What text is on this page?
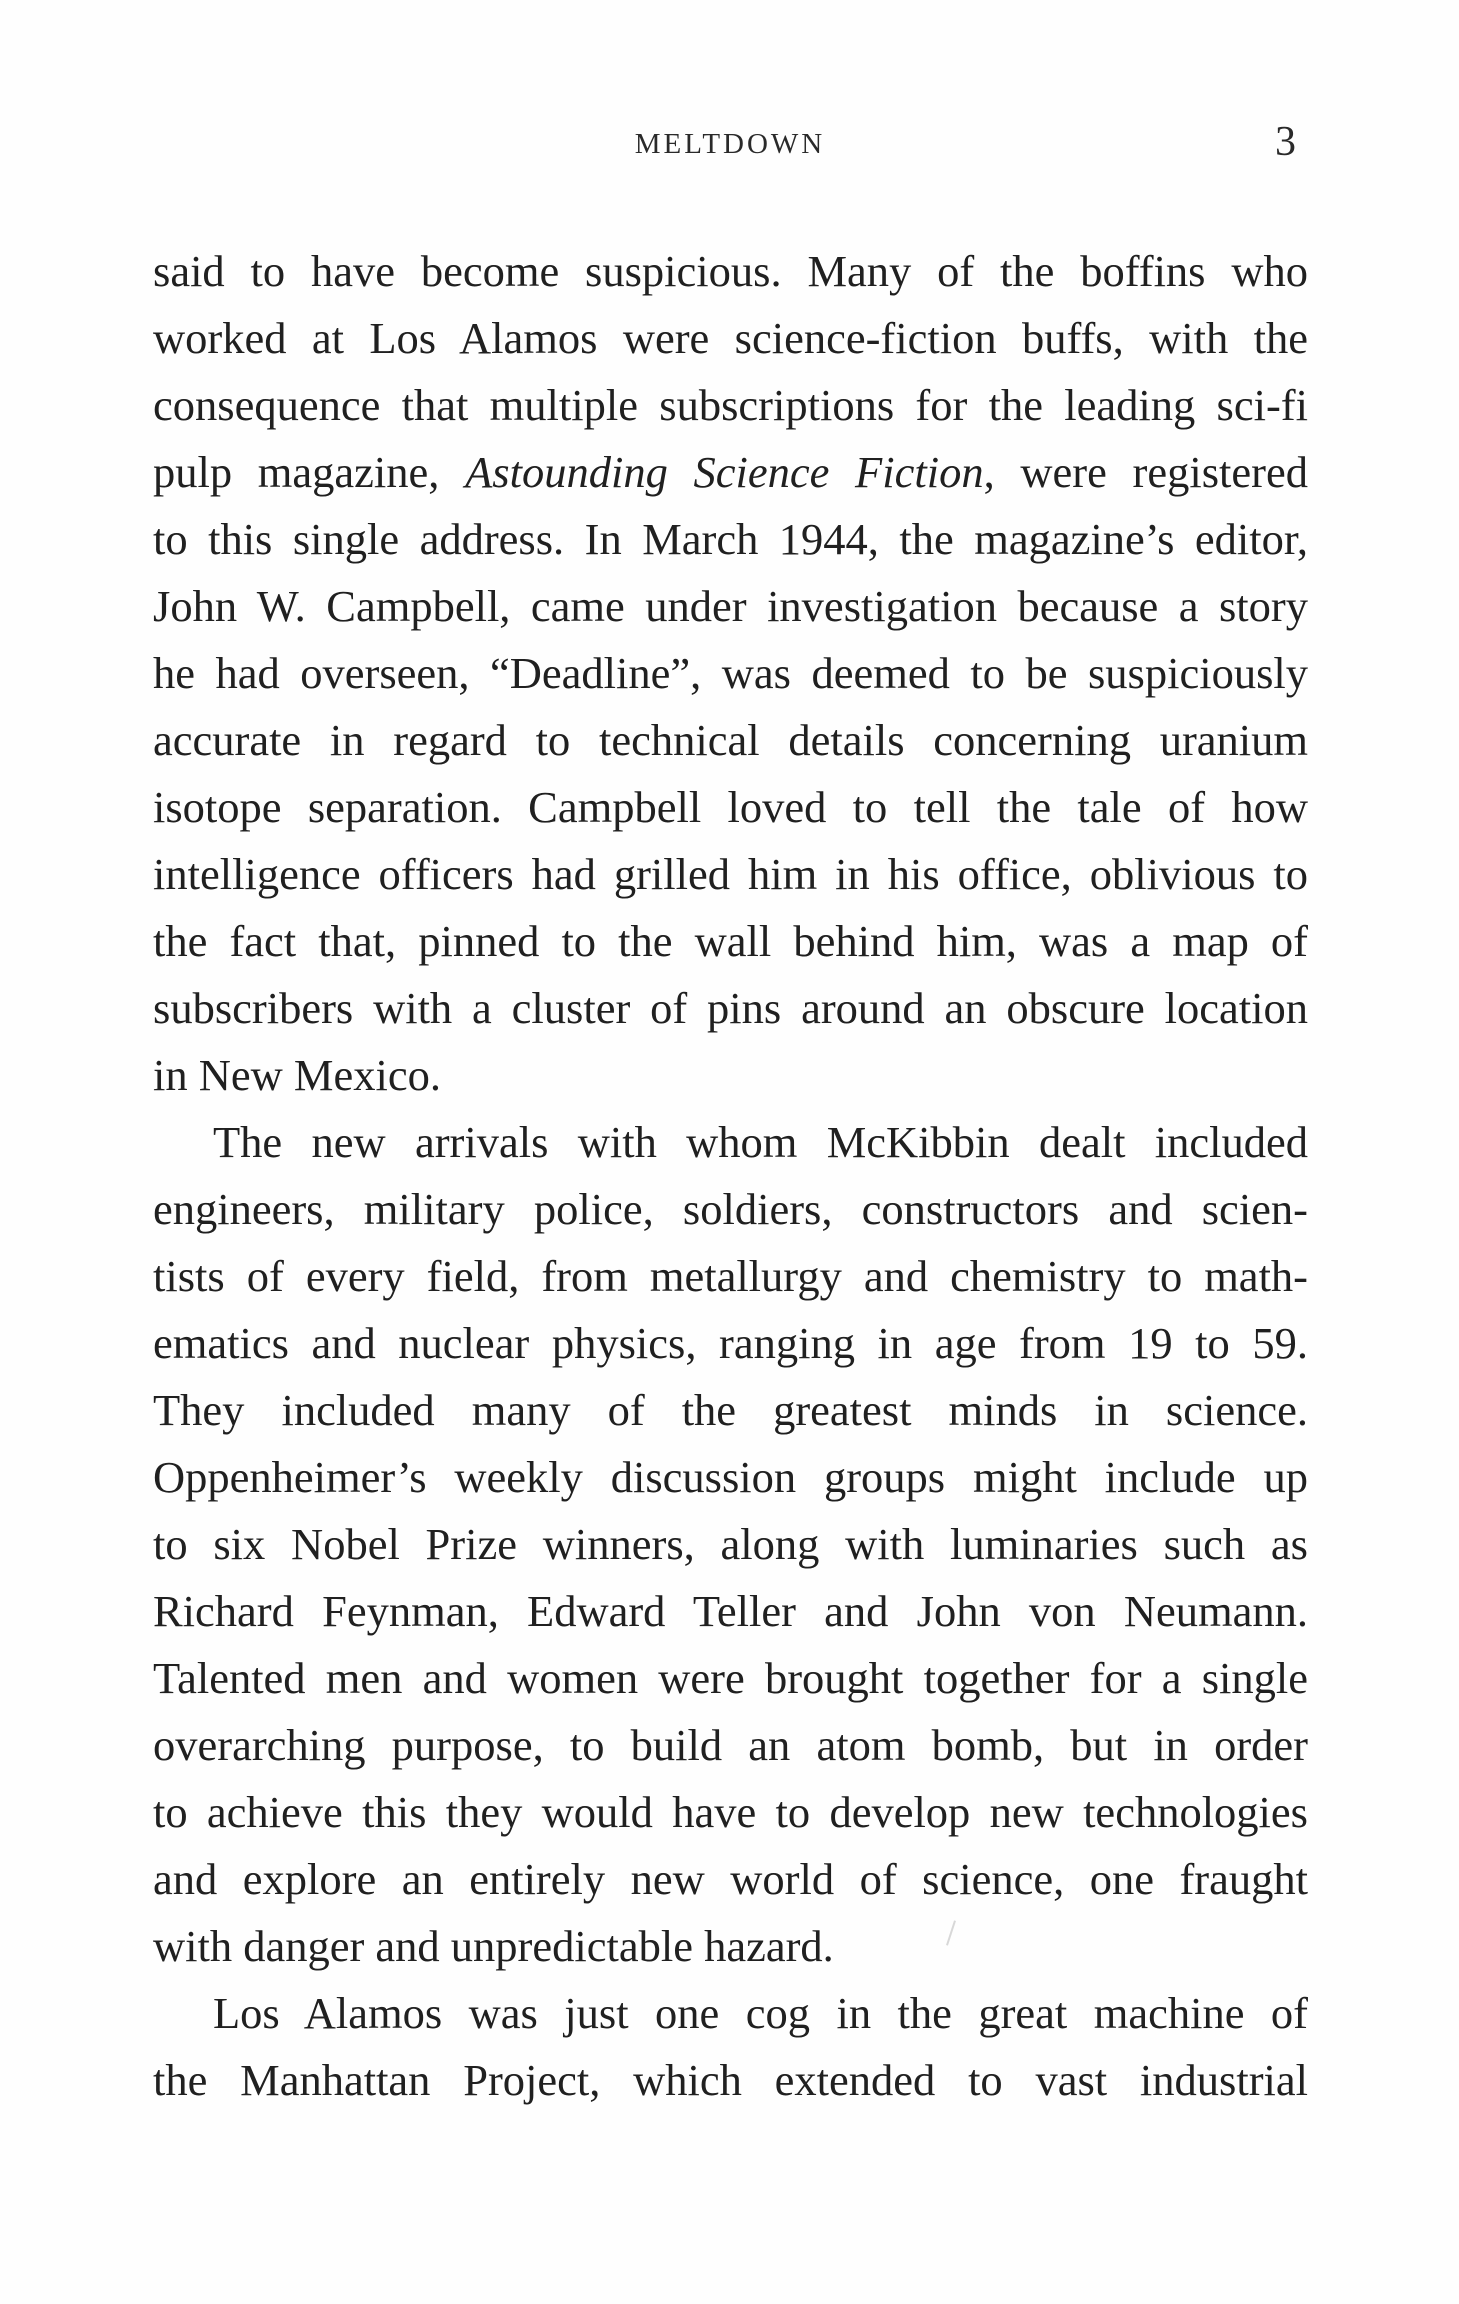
MELTDOWN	3
said to have become suspicious. Many of the boffins who
worked at Los Alamos were science-fiction buffs, with the
consequence that multiple subscriptions for the leading sci-fi
pulp magazine, Astounding Science Fiction, were registered
to this single address. In March 1944, the magazine’s editor,
John W. Campbell, came under investigation because a story
he had overseen, “Deadline”, was deemed to be suspiciously
accurate in regard to technical details concerning uranium
isotope separation. Campbell loved to tell the tale of how
intelligence officers had grilled him in his office, oblivious to
the fact that, pinned to the wall behind him, was a map of
subscribers with a cluster of pins around an obscure location
in New Mexico.
The new arrivals with whom McKibbin dealt included
engineers, military police, soldiers, constructors and scien-
tists of every field, from metallurgy and chemistry to math-
ematics and nuclear physics, ranging in age from 19 to 59.
They included many of the greatest minds in science.
Oppenheimer’s weekly discussion groups might include up
to six Nobel Prize winners, along with luminaries such as
Richard Feynman, Edward Teller and John von Neumann.
Talented men and women were brought together for a single
overarching purpose, to build an atom bomb, but in order
to achieve this they would have to develop new technologies
and explore an entirely new world of science, one fraught
with danger and unpredictable hazard.
Los Alamos was just one cog in the great machine of
the Manhattan Project, which extended to vast industrial
